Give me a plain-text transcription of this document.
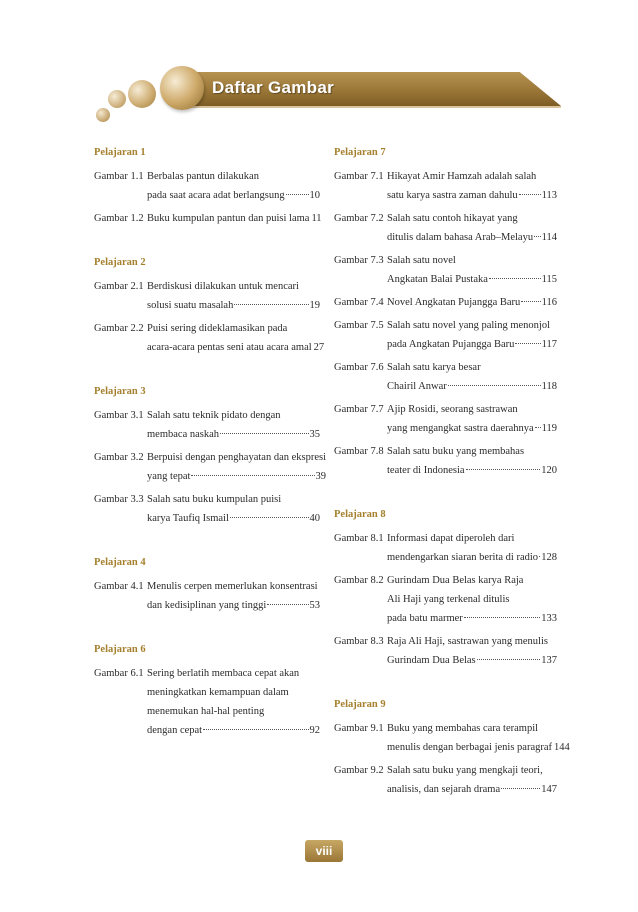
Daftar Gambar
Pelajaran 1
Gambar 1.1 Berbalas pantun dilakukan
pada saat acara adat berlangsung 10
Gambar 1.2 Buku kumpulan pantun dan puisi lama 11
Pelajaran 2
Gambar 2.1 Berdiskusi dilakukan untuk mencari
solusi suatu masalah	19
Gambar 2.2 Puisi sering dideklamasikan pada
acara-acara pentas seni atau acara amal 27
Pelajaran 3
Gambar 3.1 Salah satu teknik pidato dengan
membaca naskah	35
Gambar 3.2 Berpuisi dengan penghayatan dan ekspresi
yang tepat	39
Gambar 3.3 Salah satu buku kumpulan puisi
karya Taufiq Ismail	40
Pelajaran 4
Gambar 4.1 Menulis cerpen memerlukan konsentrasi
dan kedisiplinan yang tinggi	53
Pelajaran 6
Gambar 6.1 Sering berlatih membaca cepat akan
meningkatkan kemampuan dalam
menemukan hal-hal penting
dengan cepat	92
Pelajaran 7
Gambar 7.1 Hikayat Amir Hamzah adalah salah
satu karya sastra zaman dahulu 113
Gambar 7.2 Salah satu contoh hikayat yang
ditulis dalam bahasa Arab–Melayu 114
Gambar 7.3 Salah satu novel
Angkatan Balai Pustaka	115
Gambar 7.4 Novel Angkatan Pujangga Baru 116
Gambar 7.5 Salah satu novel yang paling menonjol
pada Angkatan Pujangga Baru	117
Gambar 7.6 Salah satu karya besar
Chairil Anwar	118
Gambar 7.7 Ajip Rosidi, seorang sastrawan
yang mengangkat sastra daerahnya 119
Gambar 7.8 Salah satu buku yang membahas
teater di Indonesia	120
Pelajaran 8
Gambar 8.1 Informasi dapat diperoleh dari
mendengarkan siaran berita di radio 128
Gambar 8.2 Gurindam Dua Belas karya Raja
Ali Haji yang terkenal ditulis
pada batu marmer	133
Gambar 8.3 Raja Ali Haji, sastrawan yang menulis
Gurindam Dua Belas	137
Pelajaran 9
Gambar 9.1 Buku yang membahas cara terampil
menulis dengan berbagai jenis paragraf 144
Gambar 9.2 Salah satu buku yang mengkaji teori,
analisis, dan sejarah drama	147
viii
